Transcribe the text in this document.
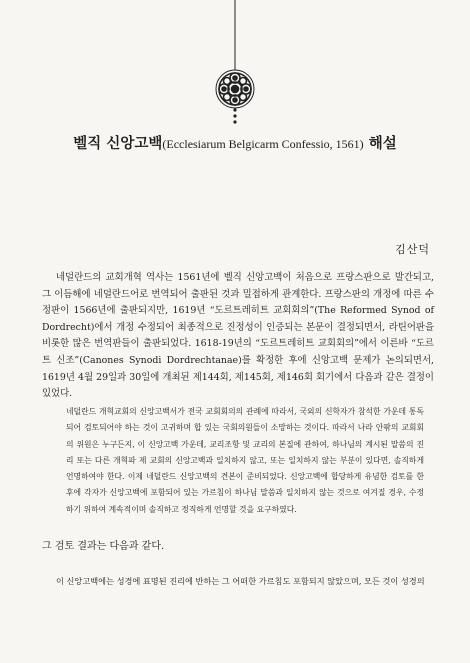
벨직 신앙고백(Ecclesiarum Belgicarm Confessio, 1561) 해설
김산덕

네덜란드의 교회개혁 역사는 1561년에 벨직 신앙고백이 처음으로 프랑스판으로 발간되고, 그 이듬해에 네덜란드어로 번역되어 출판된 것과 밀접하게 관계한다. 프랑스판의 개정에 따른 수정판이 1566년에 출판되지만, 1619년 “도르트레히트 교회회의”(The Reformed Synod of Dordrecht)에서 개정 수정되어 최종적으로 진정성이 인증되는 본문이 결정되면서, 라틴어판을 비롯한 많은 번역판들이 출판되었다. 1618-19년의 “도르트레히트 교회회의”에서 이른바 “도르트 신조”(Canones Synodi Dordrechtanae)를 확정한 후에 신앙고백 문제가 논의되면서, 1619년 4월 29일과 30일에 개최된 제144회, 제145회, 제146회 회기에서 다음과 같은 결정이 있었다.

네덜란드 개혁교회의 신앙고백서가 전국 교회회의의 관례에 따라서, 국외의 신학자가 참석한 가운데 통독되어 검토되어야 하는 것이 고귀하며 합 있는 국회의원들이 소망하는 것이다. 따라서 나라 안팎의 교회회의 위원은 누구든지, 이 신앙고백 가운데, 교리조항 및 교리의 본질에 관하여, 하나님의 계시된 말씀의 진리 또는 다른 개혁파 제 교회의 신앙고백과 일치하지 않고, 또는 일치하지 않는 부분이 있다면, 솔직하게 언명하여야 한다. 이제 네덜란드 신앙고백의 견본이 준비되었다. 신앙고백에 합당하게 유념한 검토를 한 후에 각자가 신앙고백에 포함되어 있는 가르침이 하나님 말씀과 일치하지 않는 것으로 여겨질 경우, 수정하기 위하여 계속적이며 솔직하고 정직하게 언명할 것을 요구하였다.

그 검토 결과는 다음과 같다.

이 신앙고백에는 성경에 표명된 진리에 반하는 그 어떠한 가르침도 포함되지 않았으며, 모든 것이 성경의
